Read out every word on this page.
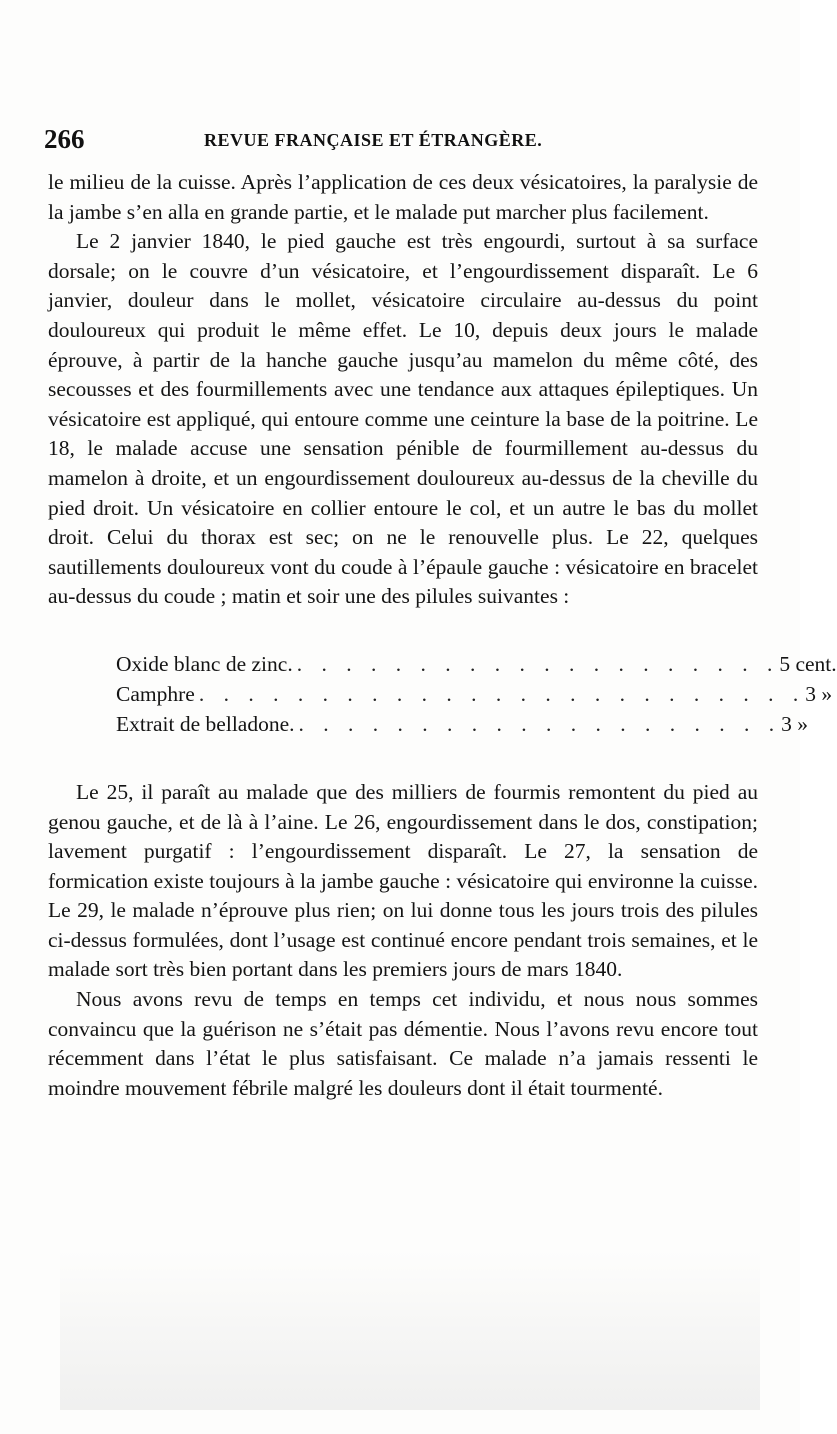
266	REVUE FRANÇAISE ET ÉTRANGÈRE.

le milieu de la cuisse. Après l’application de ces deux vésicatoires, la paralysie de la jambe s’en alla en grande partie, et le malade put marcher plus facilement.

Le 2 janvier 1840, le pied gauche est très engourdi, surtout à sa surface dorsale; on le couvre d’un vésicatoire, et l’engourdissement disparaît. Le 6 janvier, douleur dans le mollet, vésicatoire circulaire au-dessus du point douloureux qui produit le même effet. Le 10, depuis deux jours le malade éprouve, à partir de la hanche gauche jusqu’au mamelon du même côté, des secousses et des fourmillements avec une tendance aux attaques épileptiques. Un vésicatoire est appliqué, qui entoure comme une ceinture la base de la poitrine. Le 18, le malade accuse une sensation pénible de fourmillement au-dessus du mamelon à droite, et un engourdissement douloureux au-dessus de la cheville du pied droit. Un vésicatoire en collier entoure le col, et un autre le bas du mollet droit. Celui du thorax est sec; on ne le renouvelle plus. Le 22, quelques sautillements douloureux vont du coude à l’épaule gauche : vésicatoire en bracelet au-dessus du coude ; matin et soir une des pilules suivantes :

Oxide blanc de zinc. . . . . . . . . . . . . . . . . . . . . 5 cent.
Camphre . . . . . . . . . . . . . . . . . . . . . . . . . 3 »
Extrait de belladone. . . . . . . . . . . . . . . . . . . . . 3 »

Le 25, il paraît au malade que des milliers de fourmis remontent du pied au genou gauche, et de là à l’aine. Le 26, engourdissement dans le dos, constipation; lavement purgatif : l’engourdissement disparaît. Le 27, la sensation de formication existe toujours à la jambe gauche : vésicatoire qui environne la cuisse. Le 29, le malade n’éprouve plus rien; on lui donne tous les jours trois des pilules ci-dessus formulées, dont l’usage est continué encore pendant trois semaines, et le malade sort très bien portant dans les premiers jours de mars 1840.

Nous avons revu de temps en temps cet individu, et nous nous sommes convaincu que la guérison ne s’était pas démentie. Nous l’avons revu encore tout récemment dans l’état le plus satisfaisant. Ce malade n’a jamais ressenti le moindre mouvement fébrile malgré les douleurs dont il était tourmenté.
